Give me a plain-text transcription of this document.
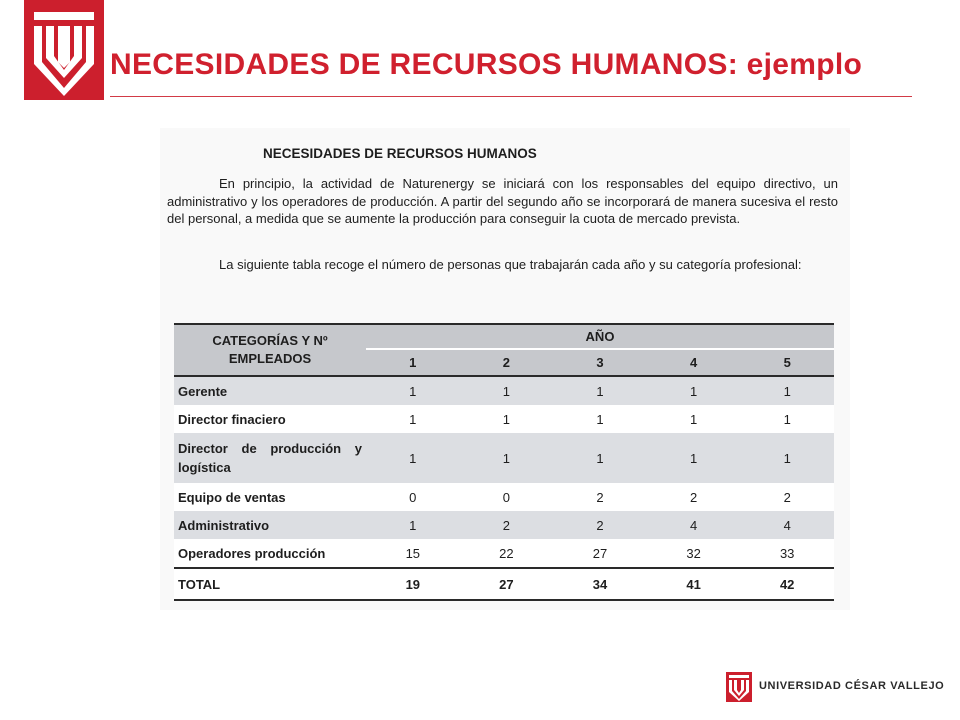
NECESIDADES DE RECURSOS HUMANOS: ejemplo
NECESIDADES DE RECURSOS HUMANOS

En principio, la actividad de Naturenergy se iniciará con los responsables del equipo directivo, un administrativo y los operadores de producción. A partir del segundo año se incorporará de manera sucesiva el resto del personal, a medida que se aumente la producción para conseguir la cuota de mercado prevista.

La siguiente tabla recoge el número de personas que trabajarán cada año y su categoría profesional:

CATEGORÍAS Y Nº EMPLEADOS	AÑO				
	1	2	3	4	5
Gerente	1	1	1	1	1
Director finaciero	1	1	1	1	1
Director de producción y logística	1	1	1	1	1
Equipo de ventas	0	0	2	2	2
Administrativo	1	2	2	4	4
Operadores producción	15	22	27	32	33
TOTAL	19	27	34	41	42

UNIVERSIDAD CÉSAR VALLEJO
